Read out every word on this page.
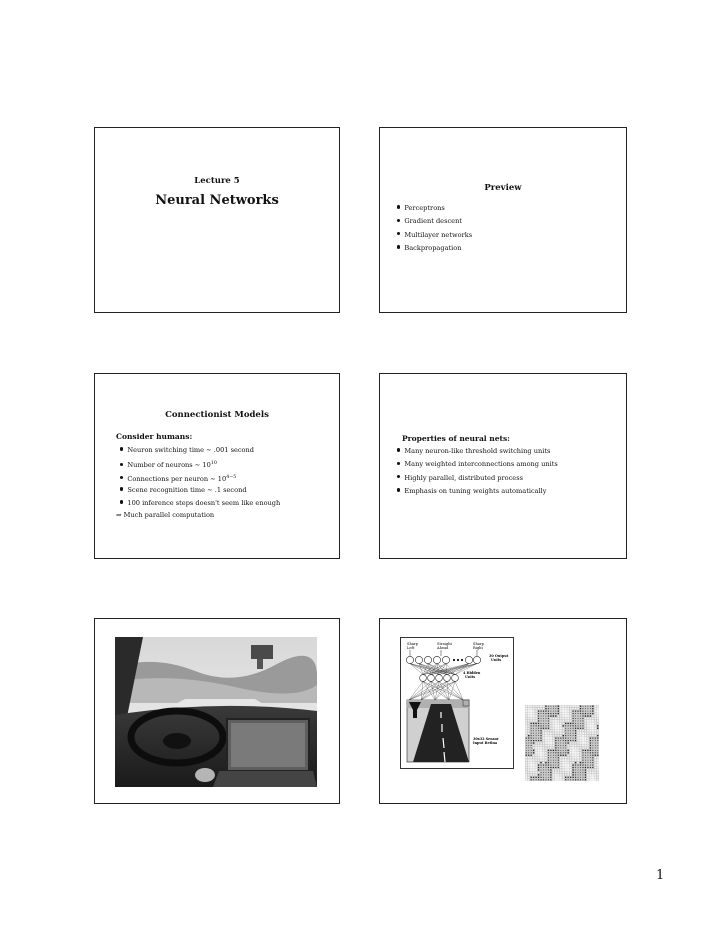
Lecture 5
Neural Networks
Preview
Perceptrons
Gradient descent
Multilayer networks
Backpropagation
Connectionist Models
Consider humans:
Neuron switching time ∼ .001 second
Number of neurons ∼ $10^{10}$
Connections per neuron ∼ $10^{4-5}$
Scene recognition time ∼ .1 second
100 inference steps doesn't seem like enough
⇒ Much parallel computation
Properties of neural nets:
Many neuron-like threshold switching units
Many weighted interconnections among units
Highly parallel, distributed process
Emphasis on tuning weights automatically
Sharp Left
Straight Ahead
Sharp Right
30 Output Units
4 Hidden Units
30x32 Sensor Input Retina
1
